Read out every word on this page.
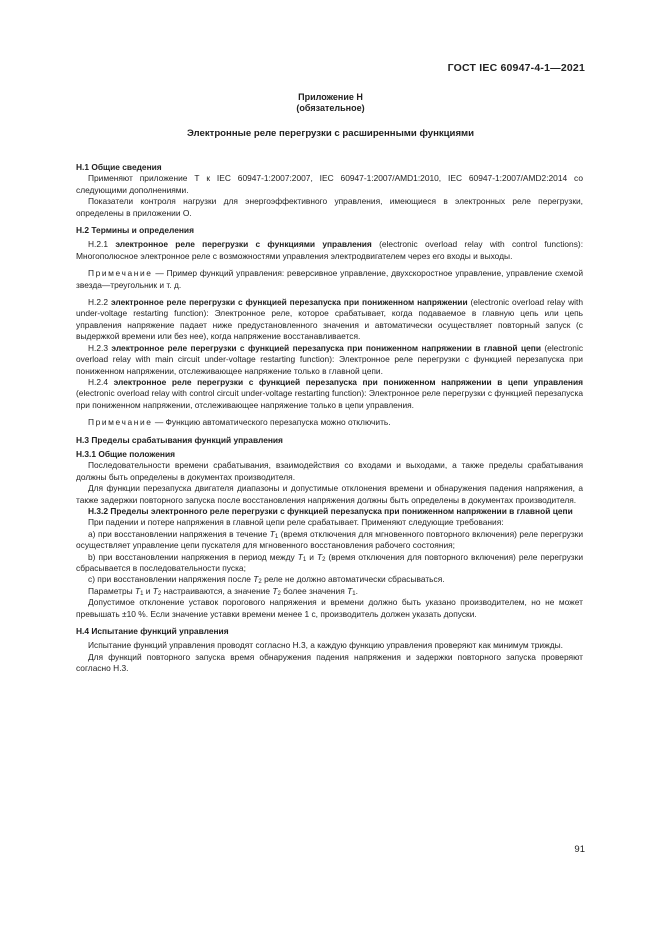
ГОСТ IEC 60947-4-1—2021
Приложение Н
(обязательное)
Электронные реле перегрузки с расширенными функциями
Н.1 Общие сведения

Применяют приложение Т к IEC 60947-1:2007:2007, IEC 60947-1:2007/AMD1:2010, IEC 60947-1:2007/AMD2:2014 со следующими дополнениями.

Показатели контроля нагрузки для энергоэффективного управления, имеющиеся в электронных реле перегрузки, определены в приложении О.

Н.2 Термины и определения

Н.2.1 электронное реле перегрузки с функциями управления (electronic overload relay with control functions): Многополюсное электронное реле с возможностями управления электродвигателем через его входы и выходы.

Примечание — Пример функций управления: реверсивное управление, двухскоростное управление, управление схемой звезда—треугольник и т. д.

Н.2.2 электронное реле перегрузки с функцией перезапуска при пониженном напряжении (electronic overload relay with under-voltage restarting function): Электронное реле, которое срабатывает, когда подаваемое в главную цепь или цепь управления напряжение падает ниже предустановленного значения и автоматически осуществляет повторный запуск (с выдержкой времени или без нее), когда напряжение восстанавливается.

Н.2.3 электронное реле перегрузки с функцией перезапуска при пониженном напряжении в главной цепи (electronic overload relay with main circuit under-voltage restarting function): Электронное реле перегрузки с функцией перезапуска при пониженном напряжении, отслеживающее напряжение только в главной цепи.

Н.2.4 электронное реле перегрузки с функцией перезапуска при пониженном напряжении в цепи управления (electronic overload relay with control circuit under-voltage restarting function): Электронное реле перегрузки с функцией перезапуска при пониженном напряжении, отслеживающее напряжение только в цепи управления.

Примечание — Функцию автоматического перезапуска можно отключить.

Н.3 Пределы срабатывания функций управления
Н.3.1 Общие положения

Последовательности времени срабатывания, взаимодействия со входами и выходами, а также пределы срабатывания должны быть определены в документах производителя.

Для функции перезапуска двигателя диапазоны и допустимые отклонения времени и обнаружения падения напряжения, а также задержки повторного запуска после восстановления напряжения должны быть определены в документах производителя.

Н.3.2 Пределы электронного реле перегрузки с функцией перезапуска при пониженном напряжении в главной цепи

При падении и потере напряжения в главной цепи реле срабатывает. Применяют следующие требования:

a) при восстановлении напряжения в течение $T_1$ (время отключения для мгновенного повторного включения) реле перегрузки осуществляет управление цепи пускателя для мгновенного восстановления рабочего состояния;

b) при восстановлении напряжения в период между $T_1$ и $T_2$ (время отключения для повторного включения) реле перегрузки сбрасывается в последовательности пуска;

c) при восстановлении напряжения после $T_2$ реле не должно автоматически сбрасываться.

Параметры $T_1$ и $T_2$ настраиваются, а значение $T_2$ более значения $T_1$.

Допустимое отклонение уставок порогового напряжения и времени должно быть указано производителем, но не может превышать ±10 %. Если значение уставки времени менее 1 с, производитель должен указать допуски.

Н.4 Испытание функций управления

Испытание функций управления проводят согласно Н.3, а каждую функцию управления проверяют как минимум трижды.

Для функций повторного запуска время обнаружения падения напряжения и задержки повторного запуска проверяют согласно Н.3.

91
